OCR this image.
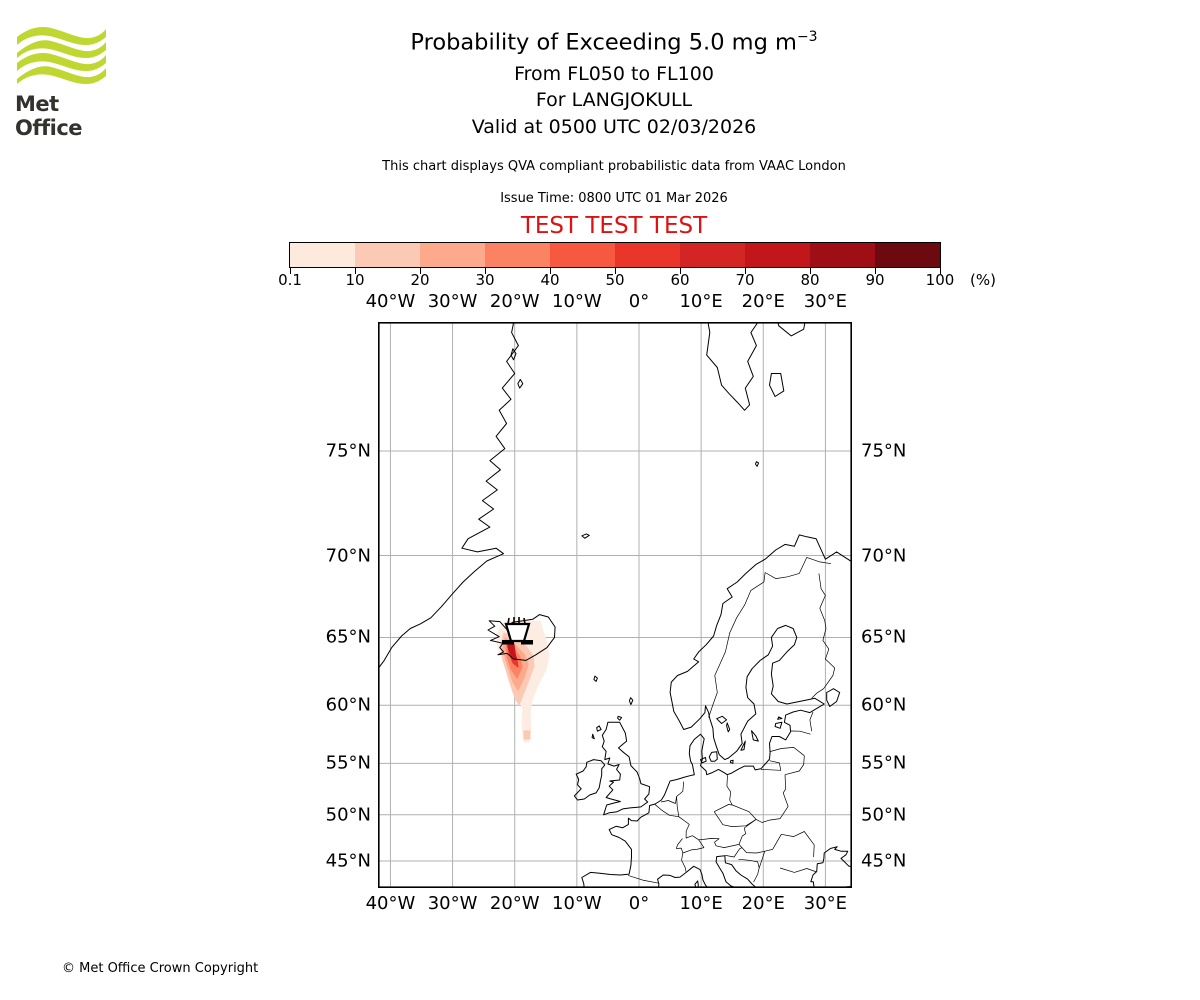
Met Office
Probability of Exceeding 5.0 mg $m^{-3}$
From FL050 to FL100
For LANGJOKULL
Valid at 0500 UTC 02/03/2026
This chart displays QVA compliant probabilistic data from VAAC London
Issue Time: 0800 UTC 01 Mar 2026
TEST TEST TEST
0.1	10	20	30	40	50	60	70	80	90	100 (%)
40°W
40°W
30°W
30°W
20°W
20°W
10°W
10°W
0°
0°
10°E
10°E
20°E
20°E
30°E
30°E
75°N	75°N
70°N	70°N
65°N	65°N
60°N	60°N
55°N	55°N
50°N	50°N
45°N	45°N
© Met Office Crown Copyright
